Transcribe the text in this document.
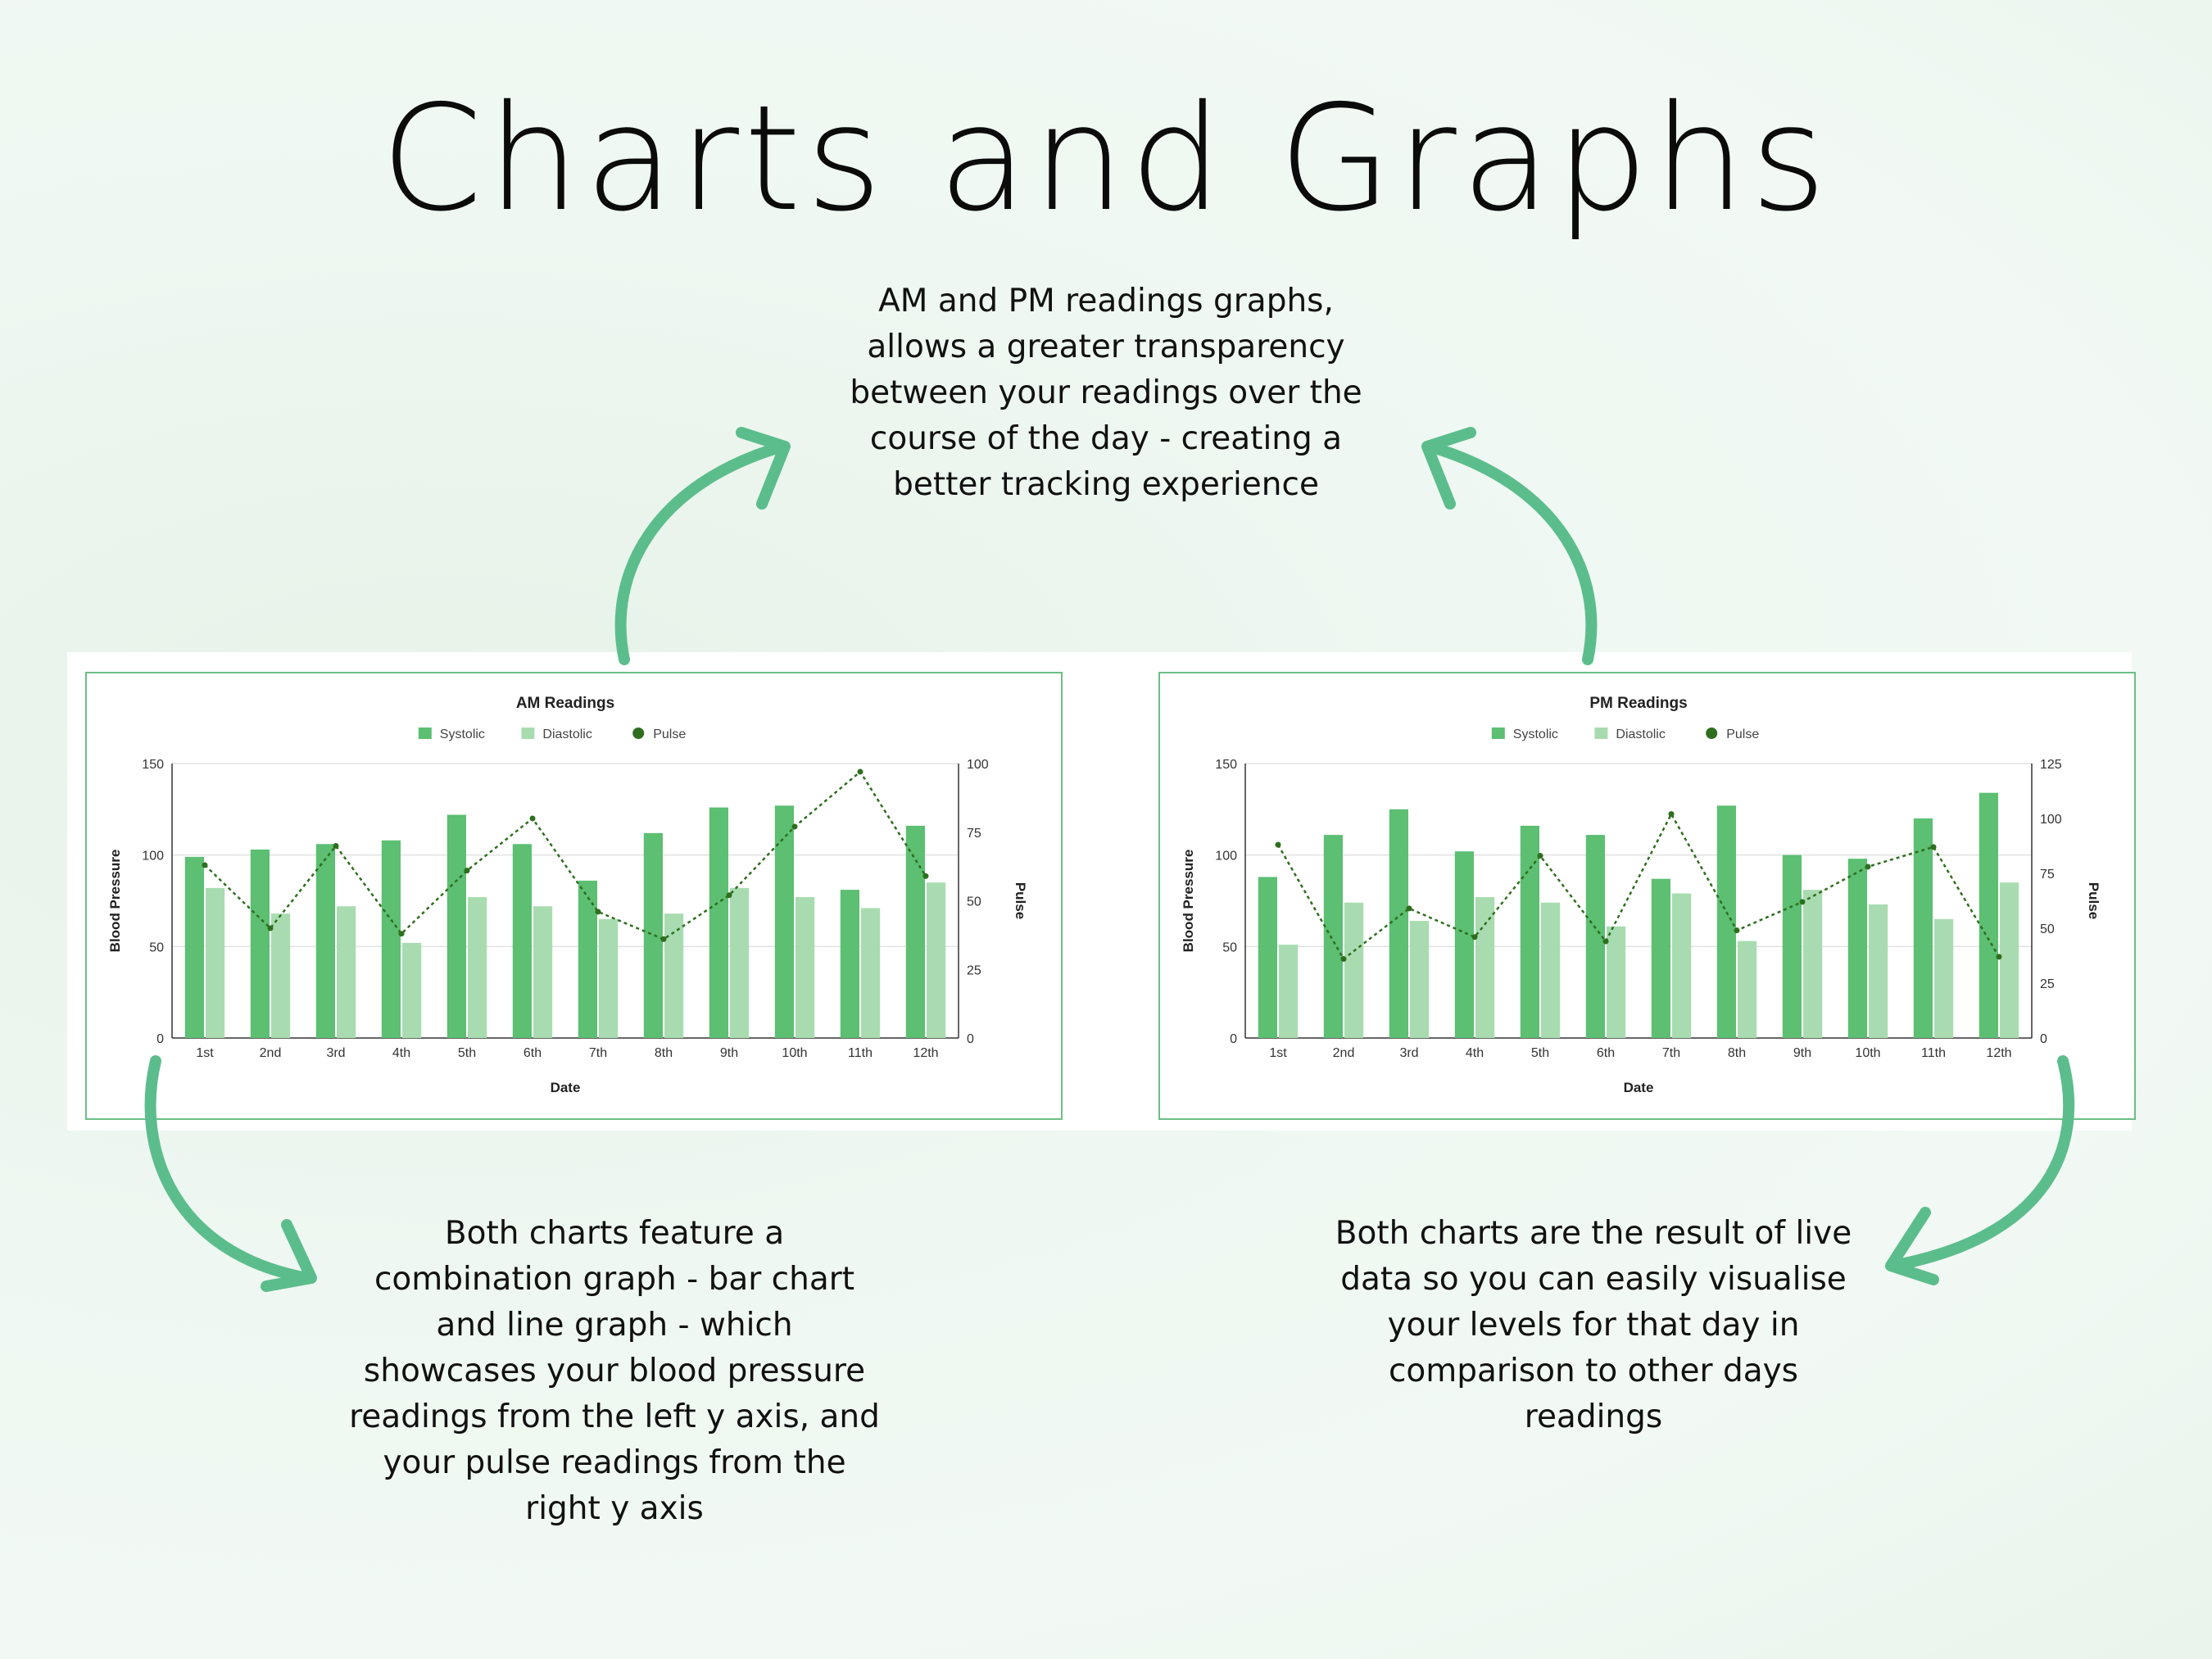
Charts and Graphs
AM and PM readings graphs,
allows a greater transparency
between your readings over the
course of the day - creating a
better tracking experience
AM Readings
Systolic	Diastolic	Pulse
0
50
100
150
0
25
50
75
100
1st	2nd	3rd	4th	5th	6th	7th	8th	9th	10th	11th	12th
Date
Blood Pressure	Pulse
PM Readings
Systolic	Diastolic	Pulse
0
50
100
150
0
25
50
75
100
125
1st	2nd	3rd	4th	5th	6th	7th	8th	9th	10th	11th	12th
Date
Blood Pressure	Pulse
Both charts feature a
combination graph - bar chart
and line graph - which
showcases your blood pressure
readings from the left y axis, and
your pulse readings from the
right y axis
Both charts are the result of live
data so you can easily visualise
your levels for that day in
comparison to other days
readings
